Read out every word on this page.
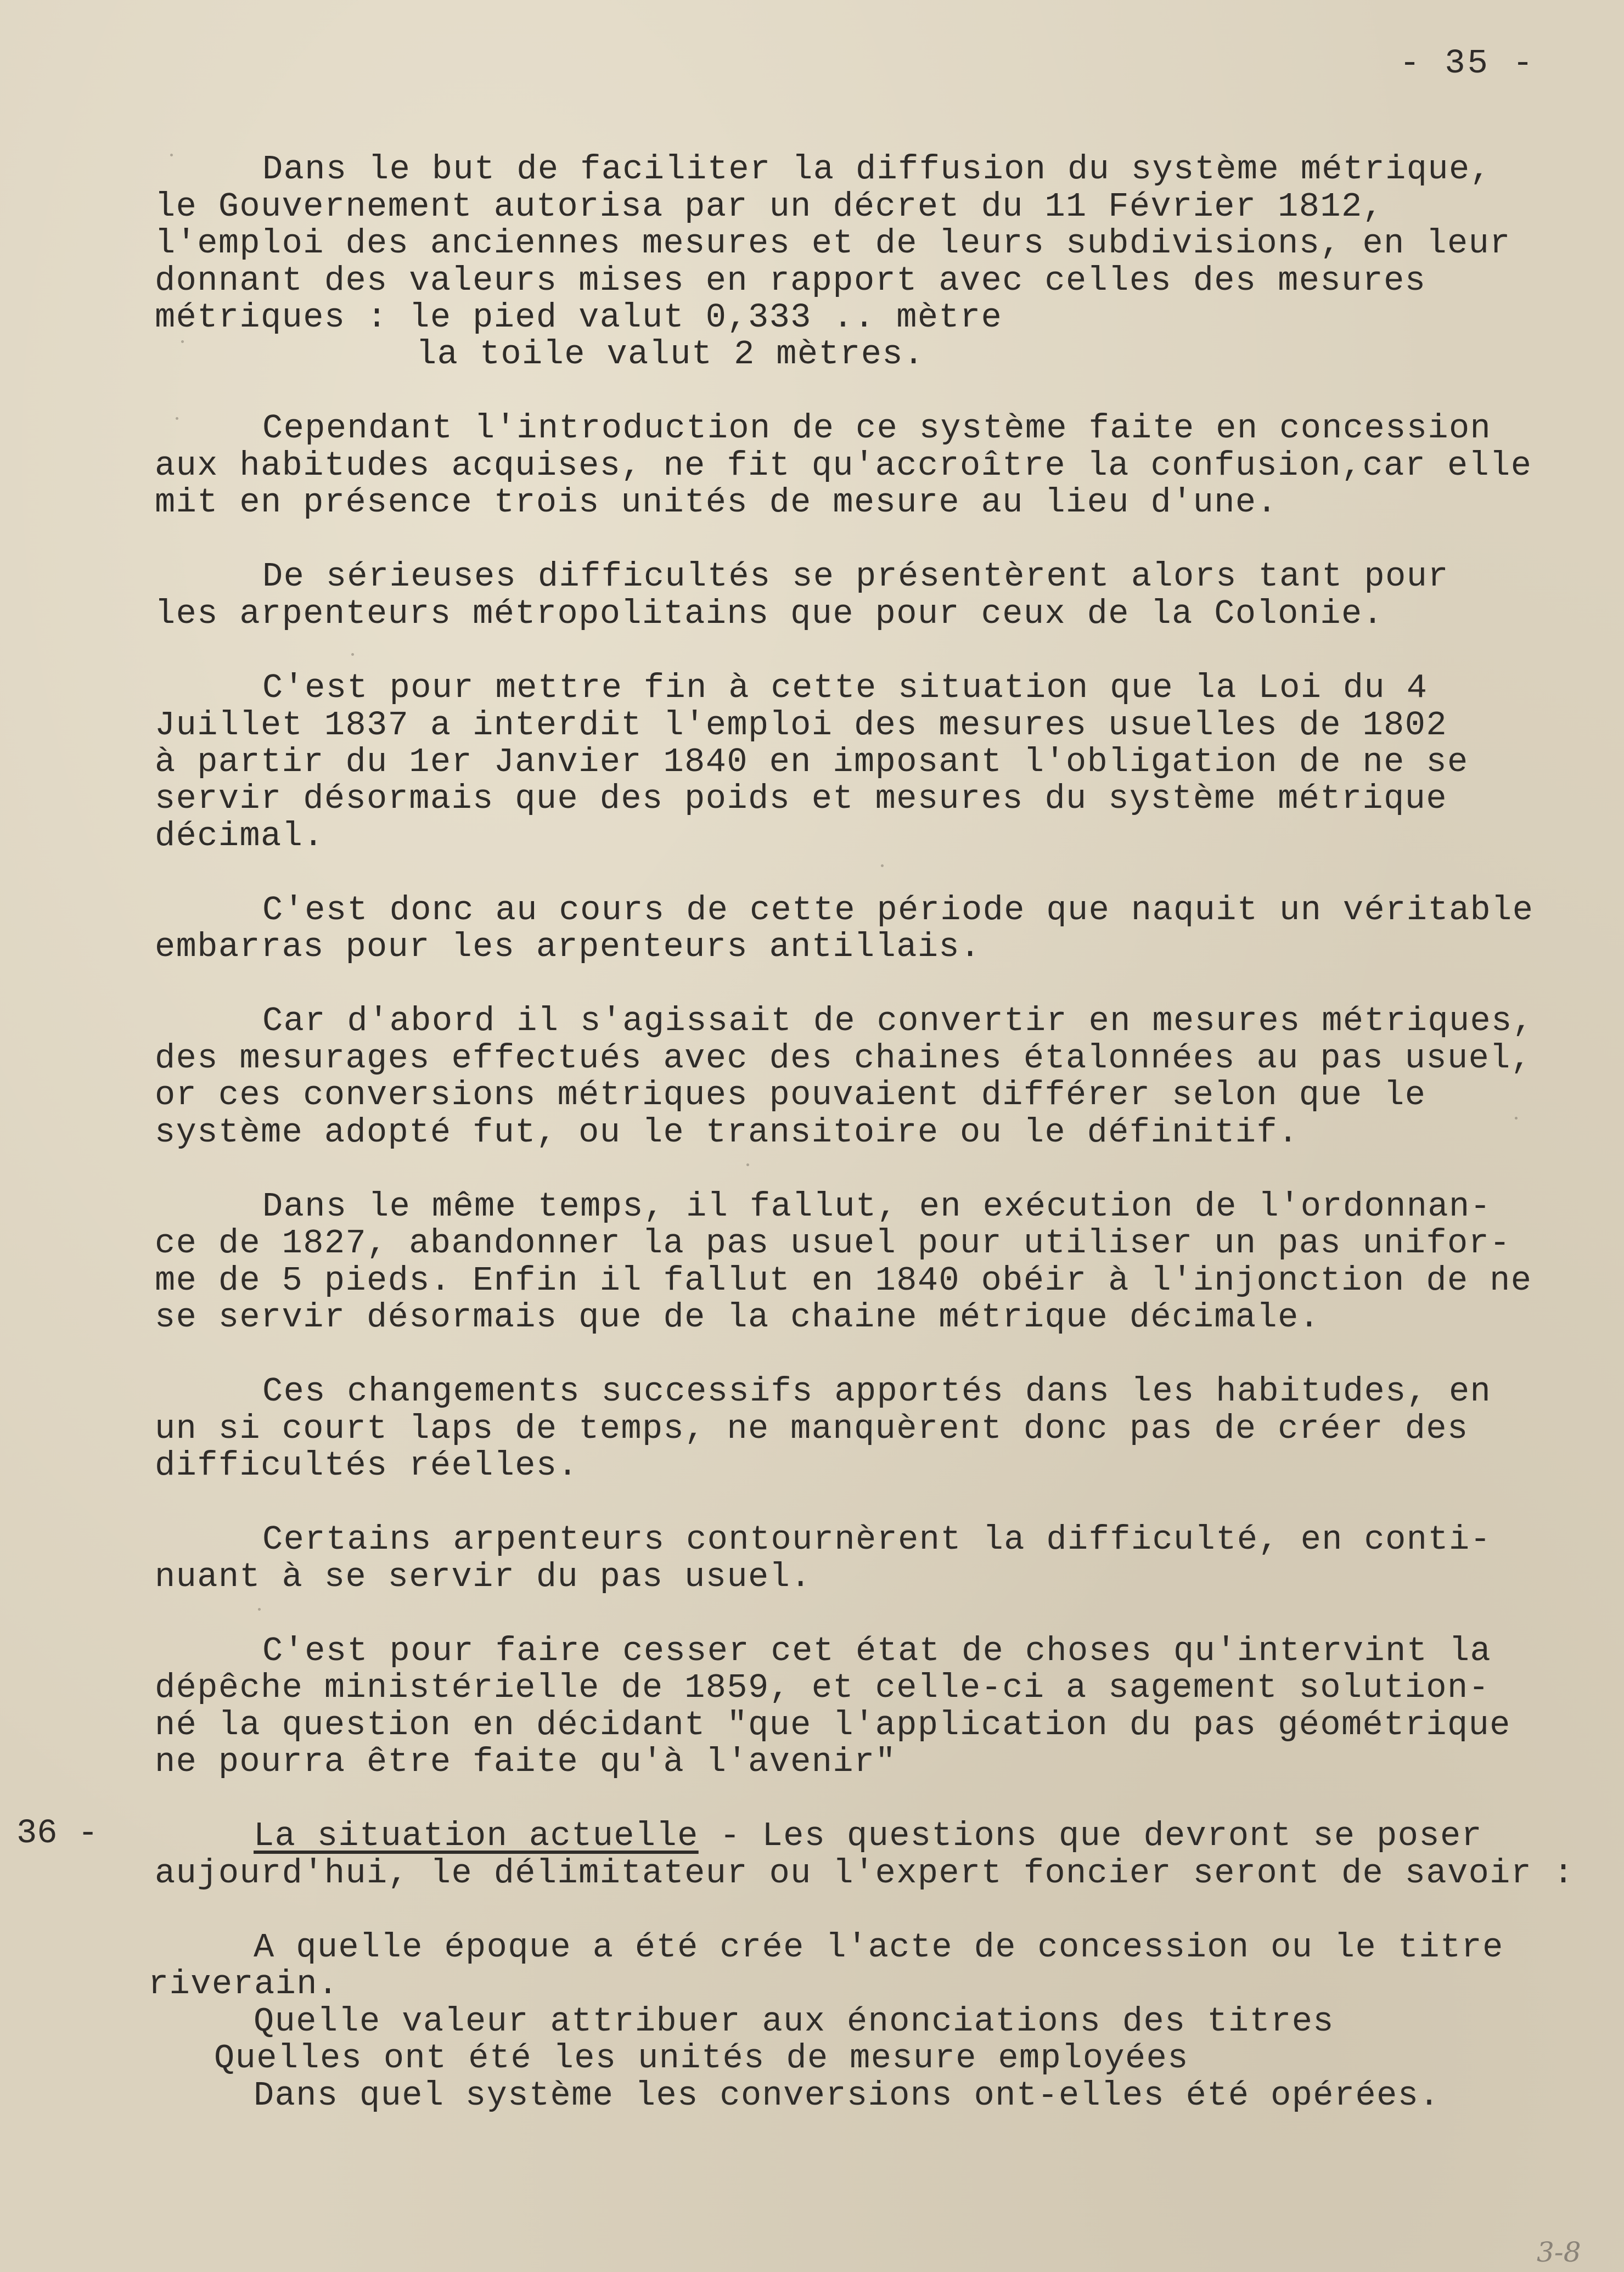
- 35 -
Dans le but de faciliter la diffusion du système métrique,
le Gouvernement autorisa par un décret du 11 Février 1812,
l'emploi des anciennes mesures et de leurs subdivisions, en leur
donnant des valeurs mises en rapport avec celles des mesures
métriques : le pied valut 0,333 .. mètre
la toile valut 2 mètres.
Cependant l'introduction de ce système faite en concession
aux habitudes acquises, ne fit qu'accroître la confusion,car elle
mit en présence trois unités de mesure au lieu d'une.
De sérieuses difficultés se présentèrent alors tant pour
les arpenteurs métropolitains que pour ceux de la Colonie.
C'est pour mettre fin à cette situation que la Loi du 4
Juillet 1837 a interdit l'emploi des mesures usuelles de 1802
à partir du 1er Janvier 1840 en imposant l'obligation de ne se
servir désormais que des poids et mesures du système métrique
décimal.
C'est donc au cours de cette période que naquit un véritable
embarras pour les arpenteurs antillais.
Car d'abord il s'agissait de convertir en mesures métriques,
des mesurages effectués avec des chaines étalonnées au pas usuel,
or ces conversions métriques pouvaient différer selon que le
système adopté fut, ou le transitoire ou le définitif.
Dans le même temps, il fallut, en exécution de l'ordonnan-
ce de 1827, abandonner la pas usuel pour utiliser un pas unifor-
me de 5 pieds. Enfin il fallut en 1840 obéir à l'injonction de ne
se servir désormais que de la chaine métrique décimale.
Ces changements successifs apportés dans les habitudes, en
un si court laps de temps, ne manquèrent donc pas de créer des
difficultés réelles.
Certains arpenteurs contournèrent la difficulté, en conti-
nuant à se servir du pas usuel.
C'est pour faire cesser cet état de choses qu'intervint la
dépêche ministérielle de 1859, et celle-ci a sagement solution-
né la question en décidant "que l'application du pas géométrique
ne pourra être faite qu'à l'avenir"
36 -	La situation actuelle - Les questions que devront se poser
aujourd'hui, le délimitateur ou l'expert foncier seront de savoir :
A quelle époque a été crée l'acte de concession ou le titre
riverain.
Quelle valeur attribuer aux énonciations des titres
Quelles ont été les unités de mesure employées
Dans quel système les conversions ont-elles été opérées.
3-8
